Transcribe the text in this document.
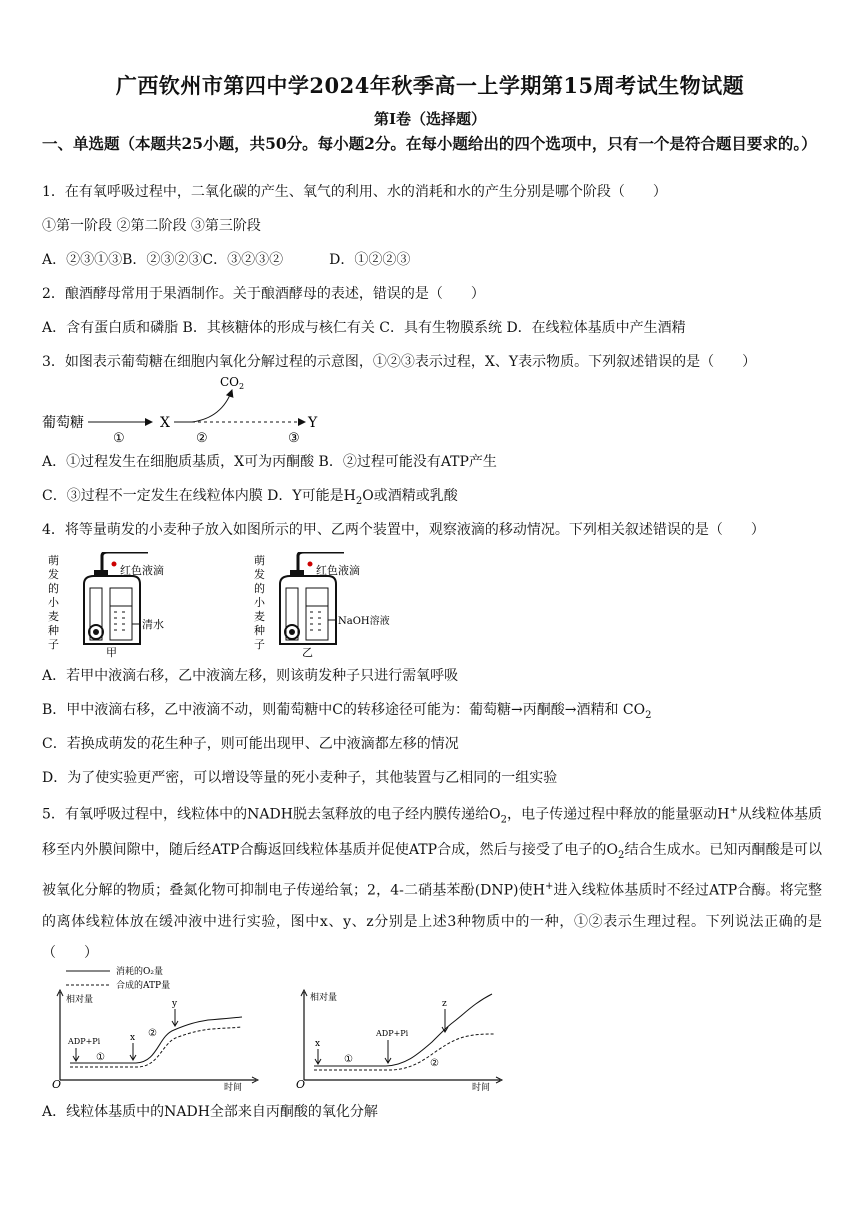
广西钦州市第四中学2024年秋季高一上学期第15周考试生物试题
第Ⅰ卷（选择题）
一、单选题（本题共25小题，共50分。每小题2分。在每小题给出的四个选项中，只有一个是符合题目要求的。）
1．在有氧呼吸过程中，二氧化碳的产生、氧气的利用、水的消耗和水的产生分别是哪个阶段（　　）
①第一阶段 ②第二阶段 ③第三阶段
A．②③①③B．②③②③C．③②③②	D．①②②③
2．酿酒酵母常用于果酒制作。关于酿酒酵母的表述，错误的是（　　）
A．含有蛋白质和磷脂 B．其核糖体的形成与核仁有关 C．具有生物膜系统 D．在线粒体基质中产生酒精
3．如图表示葡萄糖在细胞内氧化分解过程的示意图，①②③表示过程，X、Y表示物质。下列叙述错误的是（　　）
葡萄糖	X
$CO_2$
Y
①	②	③
A．①过程发生在细胞质基质，X可为丙酮酸 B．②过程可能没有ATP产生
C．③过程不一定发生在线粒体内膜 D．Y可能是$H_2O$或酒精或乳酸
4．将等量萌发的小麦种子放入如图所示的甲、乙两个装置中，观察液滴的移动情况。下列相关叙述错误的是（　　）
萌 发 的 小 麦 种 子
红色液滴
清水
甲
萌 发 的 小 麦 种 子
红色液滴
NaOH溶液
乙
A．若甲中液滴右移，乙中液滴左移，则该萌发种子只进行需氧呼吸
B．甲中液滴右移，乙中液滴不动，则葡萄糖中C的转移途径可能为：葡萄糖→丙酮酸→酒精和 $CO_2$
C．若换成萌发的花生种子，则可能出现甲、乙中液滴都左移的情况
D．为了使实验更严密，可以增设等量的死小麦种子，其他装置与乙相同的一组实验
5．有氧呼吸过程中，线粒体中的NADH脱去氢释放的电子经内膜传递给$O_2$，电子传递过程中释放的能量驱动H+从线粒体基质移至内外膜间隙中，随后经ATP合酶返回线粒体基质并促使ATP合成，然后与接受了电子的$O_2$结合生成水。已知丙酮酸是可以被氧化分解的物质；叠氮化物可抑制电子传递给氧；2，4-二硝基苯酚(DNP)使H+进入线粒体基质时不经过ATP合酶。将完整的离体线粒体放在缓冲液中进行实验，图中x、y、z分别是上述3种物质中的一种，①②表示生理过程。下列说法正确的是（　　）
消耗的O₂量
合成的ATP量
相对量
时间
O
ADP+Pi	x
y
①
②
相对量
时间
O
x
ADP+Pi
z
①	②
A．线粒体基质中的NADH全部来自丙酮酸的氧化分解
